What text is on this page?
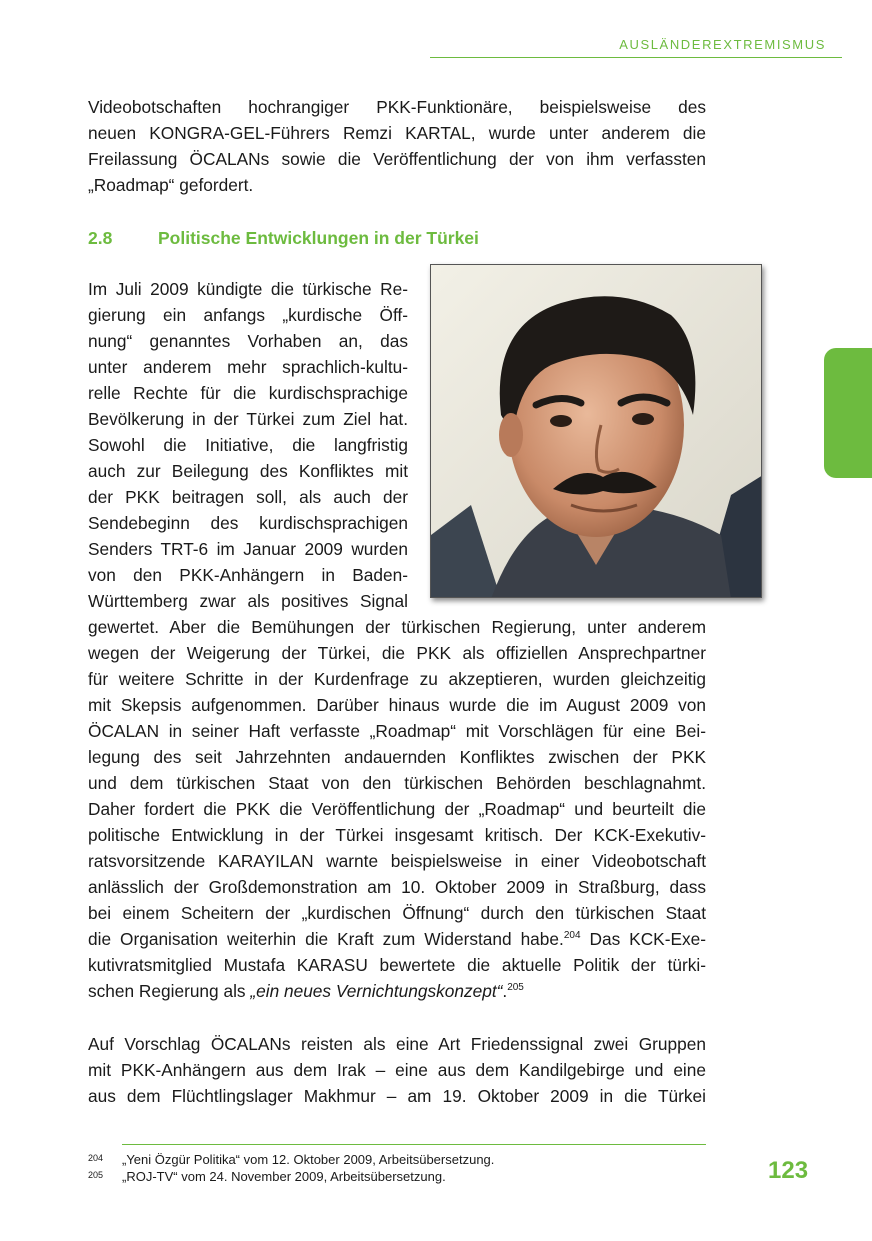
AUSLÄNDEREXTREMISMUS
Videobotschaften hochrangiger PKK-Funktionäre, beispielsweise des
neuen KONGRA-GEL-Führers Remzi KARTAL, wurde unter anderem die
Freilassung ÖCALANs sowie die Veröffentlichung der von ihm verfassten
„Roadmap“ gefordert.
2.8	Politische Entwicklungen in der Türkei
Im Juli 2009 kündigte die türkische Re-
gierung ein anfangs „kurdische Öff-
nung“ genanntes Vorhaben an, das
unter anderem mehr sprachlich-kultu-
relle Rechte für die kurdischsprachige
Bevölkerung in der Türkei zum Ziel hat.
Sowohl die Initiative, die langfristig
auch zur Beilegung des Konfliktes mit
der PKK beitragen soll, als auch der
Sendebeginn des kurdischsprachigen
Senders TRT-6 im Januar 2009 wurden
von den PKK-Anhängern in Baden-
Württemberg zwar als positives Signal
gewertet. Aber die Bemühungen der türkischen Regierung, unter anderem
wegen der Weigerung der Türkei, die PKK als offiziellen Ansprechpartner
für weitere Schritte in der Kurdenfrage zu akzeptieren, wurden gleichzeitig
mit Skepsis aufgenommen. Darüber hinaus wurde die im August 2009 von
ÖCALAN in seiner Haft verfasste „Roadmap“ mit Vorschlägen für eine Bei-
legung des seit Jahrzehnten andauernden Konfliktes zwischen der PKK
und dem türkischen Staat von den türkischen Behörden beschlagnahmt.
Daher fordert die PKK die Veröffentlichung der „Roadmap“ und beurteilt die
politische Entwicklung in der Türkei insgesamt kritisch. Der KCK-Exekutiv-
ratsvorsitzende KARAYILAN warnte beispielsweise in einer Videobotschaft
anlässlich der Großdemonstration am 10. Oktober 2009 in Straßburg, dass
bei einem Scheitern der „kurdischen Öffnung“ durch den türkischen Staat
die Organisation weiterhin die Kraft zum Widerstand habe.$^{204}$ Das KCK-Exe-
kutivratsmitglied Mustafa KARASU bewertete die aktuelle Politik der türki-
schen Regierung als „ein neues Vernichtungskonzept“.$^{205}$
Auf Vorschlag ÖCALANs reisten als eine Art Friedenssignal zwei Gruppen
mit PKK-Anhängern aus dem Irak – eine aus dem Kandilgebirge und eine
aus dem Flüchtlingslager Makhmur – am 19. Oktober 2009 in die Türkei
204 „Yeni Özgür Politika“ vom 12. Oktober 2009, Arbeitsübersetzung.
205 „ROJ-TV“ vom 24. November 2009, Arbeitsübersetzung.	123
